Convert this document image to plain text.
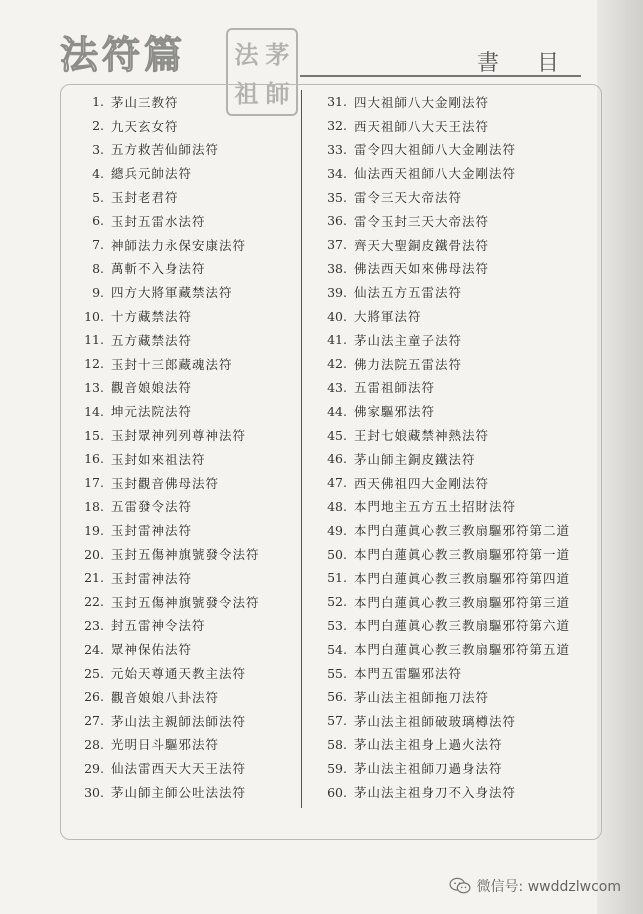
法符篇 法 茅
祖 師
書目
1. 茅山三教符
2. 九天玄女符
3. 五方救苦仙師法符
4. 總兵元帥法符
5. 玉封老君符
6. 玉封五雷水法符
7. 神師法力永保安康法符
8. 萬斬不入身法符
9. 四方大將軍藏禁法符
10. 十方藏禁法符
11. 五方藏禁法符
12. 玉封十三郎藏魂法符
13. 觀音娘娘法符
14. 坤元法院法符
15. 玉封眾神列列尊神法符
16. 玉封如來祖法符
17. 玉封觀音佛母法符
18. 五雷發令法符
19. 玉封雷神法符
20. 玉封五傷神旗號發令法符
21. 玉封雷神法符
22. 玉封五傷神旗號發令法符
23. 封五雷神令法符
24. 眾神保佑法符
25. 元始天尊通天教主法符
26. 觀音娘娘八卦法符
27. 茅山法主親師法師法符
28. 光明日斗驅邪法符
29. 仙法雷西天大天王法符
30. 茅山師主師公吐法法符
31. 四大祖師八大金剛法符
32. 西天祖師八大天王法符
33. 雷令四大祖師八大金剛法符
34. 仙法西天祖師八大金剛法符
35. 雷令三天大帝法符
36. 雷令玉封三天大帝法符
37. 齊天大聖銅皮鐵骨法符
38. 佛法西天如來佛母法符
39. 仙法五方五雷法符
40. 大將軍法符
41. 茅山法主童子法符
42. 佛力法院五雷法符
43. 五雷祖師法符
44. 佛家驅邪法符
45. 王封七娘藏禁神熱法符
46. 茅山師主銅皮鐵法符
47. 西天佛祖四大金剛法符
48. 本門地主五方五土招財法符
49. 本門白蓮眞心教三教扇驅邪符第二道
50. 本門白蓮眞心教三教扇驅邪符第一道
51. 本門白蓮眞心教三教扇驅邪符第四道
52. 本門白蓮眞心教三教扇驅邪符第三道
53. 本門白蓮眞心教三教扇驅邪符第六道
54. 本門白蓮眞心教三教扇驅邪符第五道
55. 本門五雷驅邪法符
56. 茅山法主祖師拖刀法符
57. 茅山法主祖師破玻璃樽法符
58. 茅山法主祖身上過火法符
59. 茅山法主祖師刀過身法符
60. 茅山法主祖身刀不入身法符
微信号: wwddzlwcom
